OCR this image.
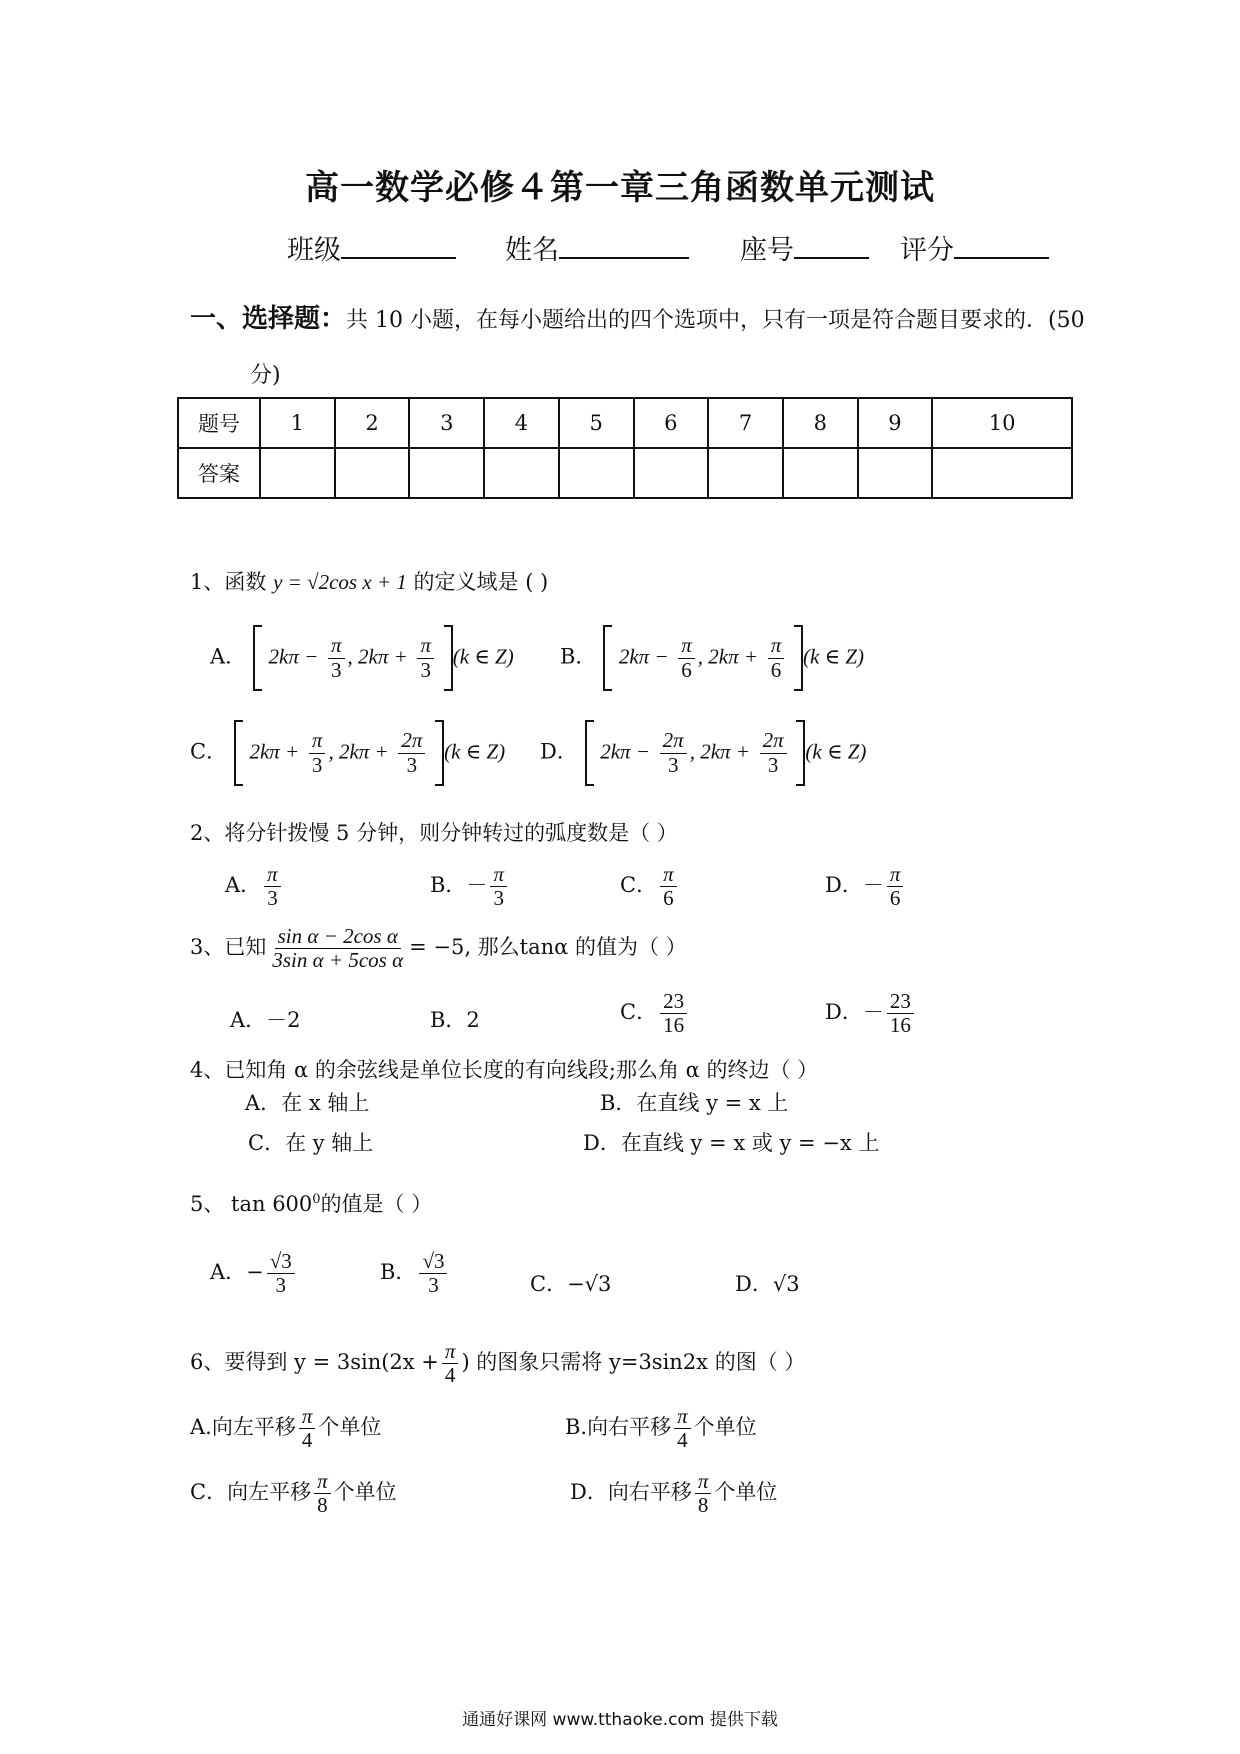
高一数学必修４第一章三角函数单元测试
班级	姓名	座号	评分
一、选择题：共 10 小题，在每小题给出的四个选项中，只有一项是符合题目要求的．(50
分)
题号	1	2	3	4	5	6	7	8	9	10
答案										
1、函数 y = √2cos x + 1 的定义域是 ( )
A． $2k\pi - \frac{\pi}{3}$ , $2k\pi + \frac{\pi}{3} (k$ ∈ Z) B． $2k\pi - \frac{\pi}{6}$ , $2k\pi + \frac{\pi}{6} (k$ ∈ Z)
C． $2k\pi + \frac{\pi}{3}$ , $2k\pi + \frac{2\pi}{3} (k$ ∈ Z) D． $2k\pi - \frac{2\pi}{3}$ , $2k\pi + \frac{2\pi}{3} (k$ ∈ Z)
2、将分针拨慢 5 分钟，则分钟转过的弧度数是（ ）
A． $\frac{\pi}{3}$	B．－ $\frac{\pi}{3}$	C． $\frac{\pi}{6}$	D．－ $\frac{\pi}{6}$
3、已知 $\frac{\text{sin α − 2cos α}}{\text{3sin α + 5cos α}} = -5$, 那么tanα 的值为（ ）
A．－2	B．2	C． $\frac{23}{16}$	D．－ $\frac{23}{16}$
4、已知角 α 的余弦线是单位长度的有向线段;那么角 α 的终边（ ）
A．在 x 轴上	B．在直线 y = x 上
C．在 y 轴上	D．在直线 y = x 或 y = −x 上
5、 $\tan 600^0$的值是（ ）
A．− $\frac{√3}{3}$	B． $\frac{√3}{3}$	C．−√3	D．√3
6、要得到 $y = 3\sin(2x + \frac{\pi}{4}$ ) 的图象只需将 y=3sin2x 的图（ ）
A.向左平移 $\frac{\pi}{4}$ 个单位	B.向右平移 $\frac{\pi}{4}$ 个单位
C．向左平移 $\frac{\pi}{8}$ 个单位	D．向右平移 $\frac{\pi}{8}$ 个单位
通通好课网 www.tthaoke.com 提供下载
